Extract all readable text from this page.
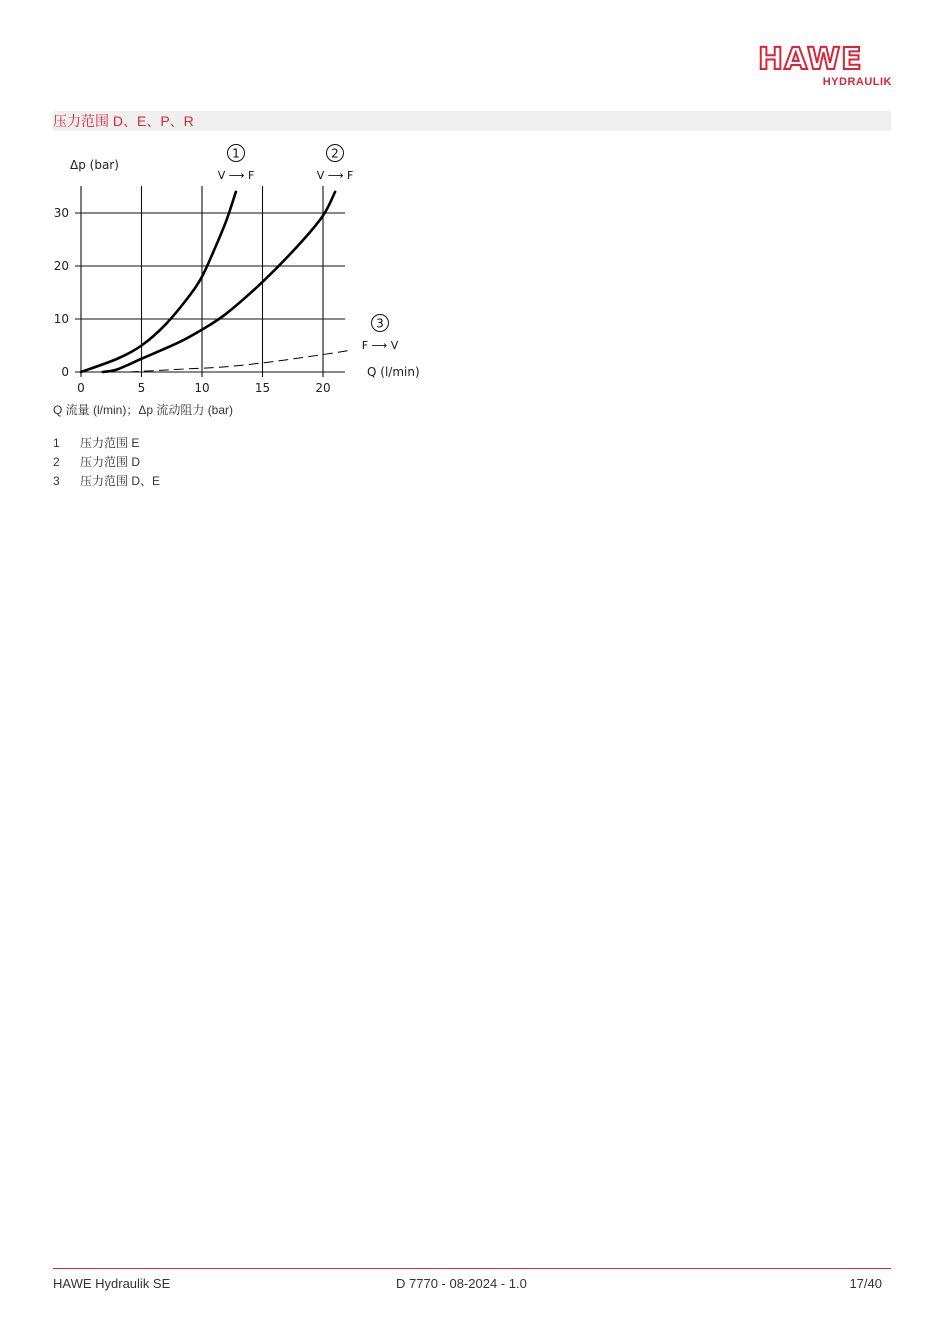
HAWE
HYDRAULIK
压力范围 D、E、P、R
0	5	10	15	20
0
10
20
30
1
V ⟶ F
2
V ⟶ F
3
F ⟶ V
Δp (bar)
Q (l/min)
Q 流量 (l/min)；Δp 流动阻力 (bar)
1	压力范围 E
2	压力范围 D
3	压力范围 D、E
HAWE Hydraulik SE	D 7770 - 08-2024 - 1.0	17/40
